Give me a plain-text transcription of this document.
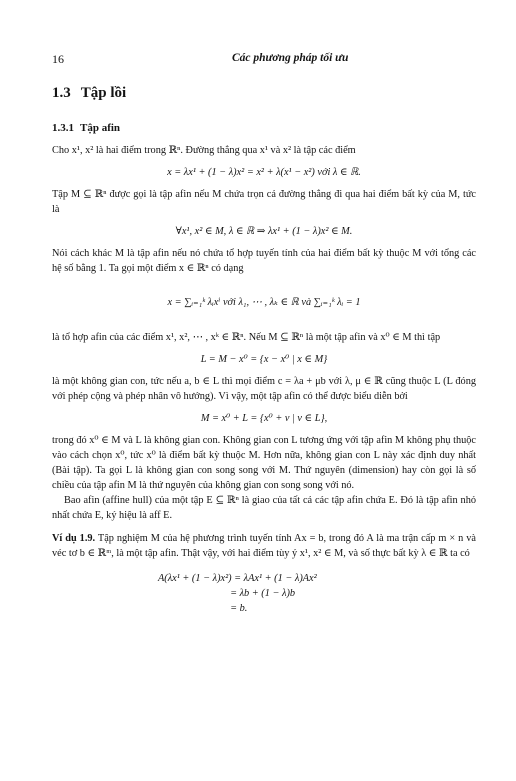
16	Các phương pháp tối ưu
1.3 Tập lồi
1.3.1 Tập afin

Cho x¹, x² là hai điểm trong ℝⁿ. Đường thẳng qua x¹ và x² là tập các điểm

x = λx¹ + (1 − λ)x² = x² + λ(x¹ − x²) với λ ∈ ℝ.

Tập M ⊆ ℝⁿ được gọi là tập afin nếu M chứa trọn cả đường thẳng đi qua hai điểm bất kỳ của M, tức là

∀x¹, x² ∈ M, λ ∈ ℝ ⇒ λx¹ + (1 − λ)x² ∈ M.

Nói cách khác M là tập afin nếu nó chứa tổ hợp tuyến tính của hai điểm bất kỳ thuộc M với tổng các hệ số bằng 1. Ta gọi một điểm x ∈ ℝⁿ có dạng

x = ∑ᵢ₌₁ᵏ λᵢxⁱ với λ₁, ⋯ , λₖ ∈ ℝ và ∑ᵢ₌₁ᵏ λᵢ = 1

là tổ hợp afin của các điểm x¹, x², ⋯ , xᵏ ∈ ℝⁿ. Nếu M ⊆ ℝⁿ là một tập afin và x⁰ ∈ M thì tập

L = M − x⁰ = {x − x⁰ | x ∈ M}

là một không gian con, tức nếu a, b ∈ L thì mọi điểm c = λa + μb với λ, μ ∈ ℝ cũng thuộc L (L đóng với phép cộng và phép nhân vô hướng). Vì vậy, một tập afin có thể được biểu diễn bởi

M = x⁰ + L = {x⁰ + v | v ∈ L},

trong đó x⁰ ∈ M và L là không gian con. Không gian con L tương ứng với tập afin M không phụ thuộc vào cách chọn x⁰, tức x⁰ là điểm bất kỳ thuộc M. Hơn nữa, không gian con L này xác định duy nhất (Bài tập). Ta gọi L là không gian con song song với M. Thứ nguyên (dimension) hay còn gọi là số chiều của tập afin M là thứ nguyên của không gian con song song với nó.

Bao afin (affine hull) của một tập E ⊆ ℝⁿ là giao của tất cả các tập afin chứa E. Đó là tập afin nhỏ nhất chứa E, ký hiệu là aff E.

Ví dụ 1.9. Tập nghiệm M của hệ phương trình tuyến tính Ax = b, trong đó A là ma trận cấp m × n và véc tơ b ∈ ℝᵐ, là một tập afin. Thật vậy, với hai điểm tùy ý x¹, x² ∈ M, và số thực bất kỳ λ ∈ ℝ ta có

A(λx¹ + (1 − λ)x²) = λAx¹ + (1 − λ)Ax²
= λb + (1 − λ)b
= b.
